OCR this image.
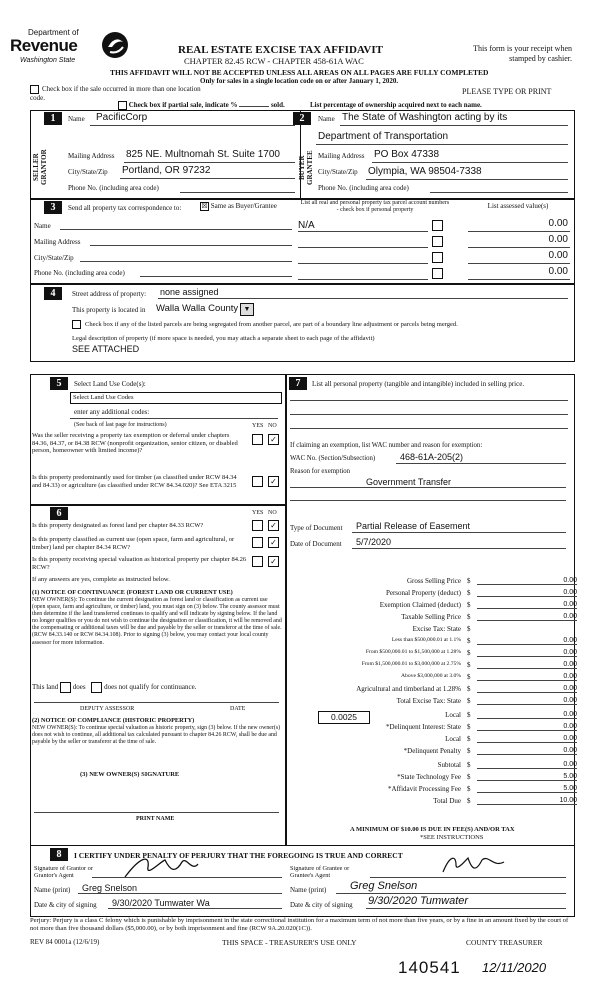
Department of
Revenue
Washington State
REAL ESTATE EXCISE TAX AFFIDAVIT
CHAPTER 82.45 RCW - CHAPTER 458-61A WAC
This form is your receipt when stamped by cashier.
THIS AFFIDAVIT WILL NOT BE ACCEPTED UNLESS ALL AREAS ON ALL PAGES ARE FULLY COMPLETED
Only for sales in a single location code on or after January 1, 2020.
Check box if the sale occurred in more than one location code.
PLEASE TYPE OR PRINT
Check box if partial sale, indicate %	sold.	List percentage of ownership acquired next to each name.
1
SELLER GRANTOR
Name PacificCorp
Mailing Address 825 NE. Multnomah St. Suite 1700
City/State/Zip Portland, OR 97232
Phone No. (including area code)
2
BUYER GRANTEE
Name The State of Washington acting by its
Department of Transportation
Mailing Address PO Box 47338
City/State/Zip Olympia, WA 98504-7338
Phone No. (including area code)
3	Send all property tax correspondence to:	☒ Same as Buyer/Grantee
Name
Mailing Address
City/State/Zip
Phone No. (including area code)
List all real and personal property tax parcel account numbers - check box if personal property	List assessed value(s)
N/A	0.00
0.00
0.00
0.00
4	Street address of property: none assigned
This property is located in Walla Walla County ▼
Check box if any of the listed parcels are being segregated from another parcel, are part of a boundary line adjustment or parcels being merged.
Legal description of property (if more space is needed, you may attach a separate sheet to each page of the affidavit)
SEE ATTACHED
5	Select Land Use Code(s):
Select Land Use Codes
enter any additional codes:
(See back of last page for instructions)	YES NO
Was the seller receiving a property tax exemption or deferral under chapters 84.36, 84.37, or 84.38 RCW (nonprofit organization, senior citizen, or disabled person, homeowner with limited income)?
✓
Is this property predominantly used for timber (as classified under RCW 84.34 and 84.33) or agriculture (as classified under RCW 84.34.020)? See ETA 3215	✓
6	YES NO
Is this property designated as forest land per chapter 84.33 RCW?	✓
Is this property classified as current use (open space, farm and agricultural, or timber) land per chapter 84.34 RCW?	✓
Is this property receiving special valuation as historical property per chapter 84.26 RCW?
✓
If any answers are yes, complete as instructed below.
(1) NOTICE OF CONTINUANCE (FOREST LAND OR CURRENT USE)
NEW OWNER(S): To continue the current designation as forest land or classification as current use (open space, farm and agriculture, or timber) land, you must sign on (3) below. The county assessor must then determine if the land transferred continues to qualify and will indicate by signing below. If the land no longer qualifies or you do not wish to continue the designation or classification, it will be removed and the compensating or additional taxes will be due and payable by the seller or transferor at the time of sale. (RCW 84.33.140 or RCW 84.34.108). Prior to signing (3) below, you may contact your local county assessor for more information.
This land does	does not qualify for continuance.
DEPUTY ASSESSOR	DATE
(2) NOTICE OF COMPLIANCE (HISTORIC PROPERTY)
NEW OWNER(S): To continue special valuation as historic property, sign (3) below. If the new owner(s) does not wish to continue, all additional tax calculated pursuant to chapter 84.26 RCW, shall be due and payable by the seller or transferor at the time of sale.
(3) NEW OWNER(S) SIGNATURE
PRINT NAME
7	List all personal property (tangible and intangible) included in selling price.
If claiming an exemption, list WAC number and reason for exemption:
WAC No. (Section/Subsection)	468-61A-205(2)
Reason for exemption
Government Transfer
Type of Document Partial Release of Easement
Date of Document 5/7/2020
Gross Selling Price $	0.00
Personal Property (deduct) $	0.00
Exemption Claimed (deduct) $	0.00
Taxable Selling Price $	0.00
Excise Tax: State $
Less than $500,000.01 at 1.1% $	0.00
From $500,000.01 to $1,500,000 at 1.28% $	0.00
From $1,500,000.01 to $3,000,000 at 2.75% $	0.00
Above $3,000,000 at 3.0% $	0.00
Agricultural and timberland at 1.28% $	0.00
Total Excise Tax: State $	0.00
Local $	0.00
*Delinquent Interest: State $	0.00
Local $	0.00
*Delinquent Penalty $	0.00
Subtotal $	0.00
*State Technology Fee $	5.00
*Affidavit Processing Fee $	5.00
Total Due $	10.00
0.0025
A MINIMUM OF $10.00 IS DUE IN FEE(S) AND/OR TAX
*SEE INSTRUCTIONS
8	I CERTIFY UNDER PENALTY OF PERJURY THAT THE FOREGOING IS TRUE AND CORRECT
Signature of Grantor or Grantor's Agent
Signature of Grantee or Grantee's Agent
Name (print) Greg Snelson	Name (print) Greg Snelson
Date & city of signing 9/30/2020 Tumwater Wa	Date & city of signing 9/30/2020 Tumwater
Perjury: Perjury is a class C felony which is punishable by imprisonment in the state correctional institution for a maximum term of not more than five years, or by a fine in an amount fixed by the court of not more than five thousand dollars ($5,000.00), or by both imprisonment and fine (RCW 9A.20.020(1C)).
REV 84 0001a (12/6/19)	THIS SPACE - TREASURER'S USE ONLY	COUNTY TREASURER
140541 12/11/2020
